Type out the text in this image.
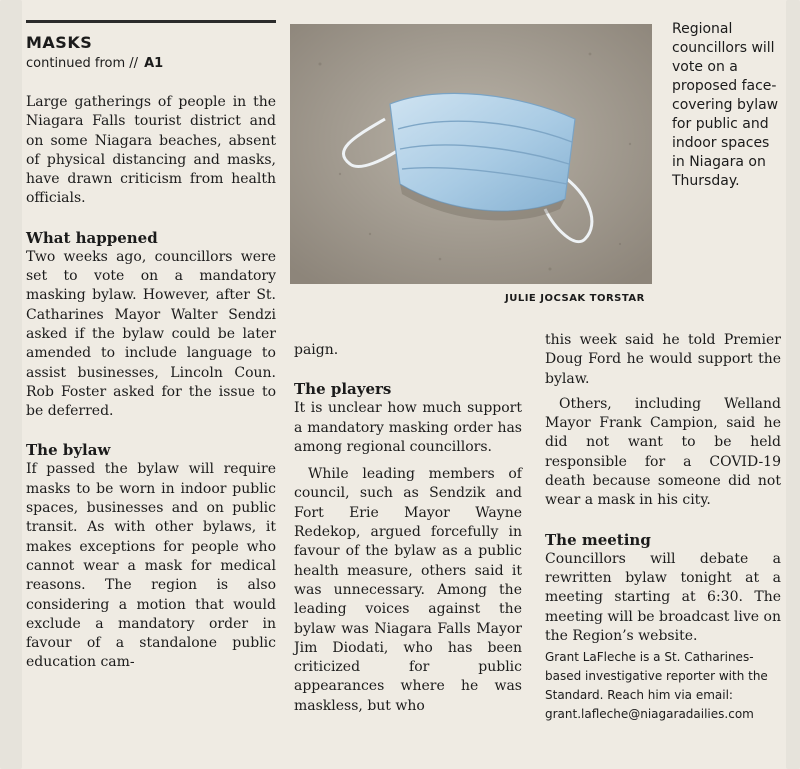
MASKS
continued from // A1
Large gatherings of people in the Niagara Falls tourist district and on some Niagara beaches, absent of physical distancing and masks, have drawn criticism from health officials.
What happened
Two weeks ago, councillors were set to vote on a mandatory masking bylaw. However, after St. Catharines Mayor Walter Sendzi asked if the bylaw could be later amended to include language to assist businesses, Lincoln Coun. Rob Foster asked for the issue to be deferred.
The bylaw
If passed the bylaw will require masks to be worn in indoor public spaces, businesses and on public transit. As with other bylaws, it makes exceptions for people who cannot wear a mask for medical reasons. The region is also considering a motion that would exclude a mandatory order in favour of a standalone public education cam-
JULIE JOCSAK TORSTAR
Regional councillors will vote on a proposed face-covering bylaw for public and indoor spaces in Niagara on Thursday.
paign.
The players
It is unclear how much support a mandatory masking order has among regional councillors.
While leading members of council, such as Sendzik and Fort Erie Mayor Wayne Redekop, argued forcefully in favour of the bylaw as a public health measure, others said it was unnecessary. Among the leading voices against the bylaw was Niagara Falls Mayor Jim Diodati, who has been criticized for public appearances where he was maskless, but who
this week said he told Premier Doug Ford he would support the bylaw.
Others, including Welland Mayor Frank Campion, said he did not want to be held responsible for a COVID-19 death because someone did not wear a mask in his city.
The meeting
Councillors will debate a rewritten bylaw tonight at a meeting starting at 6:30. The meeting will be broadcast live on the Region’s website.
Grant LaFleche is a St. Catharines-based investigative reporter with the Standard. Reach him via email: grant.lafleche@niagaradailies.com
